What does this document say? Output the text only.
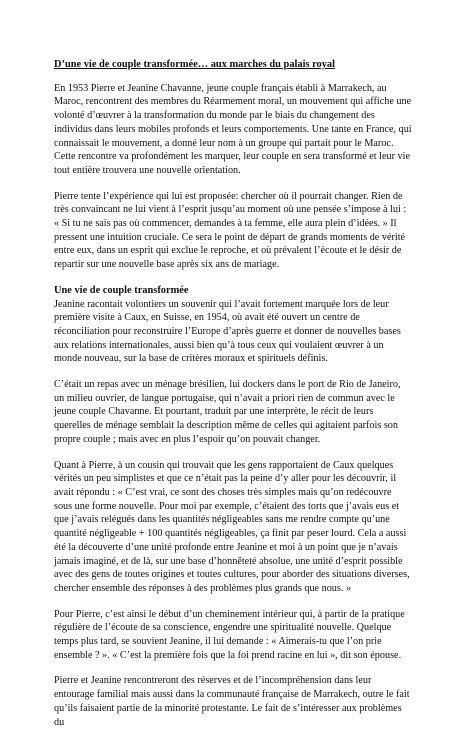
D’une vie de couple transformée… aux marches du palais royal

En 1953 Pierre et Jeanine Chavanne, jeune couple français établi à Marrakech, au Maroc, rencontrent des membres du Réarmement moral, un mouvement qui affiche une volonté d’œuvrer à la transformation du monde par le biais du changement des individus dans leurs mobiles profonds et leurs comportements. Une tante en France, qui connaissait le mouvement, a donné leur nom à un groupe qui partait pour le Maroc. Cette rencontre va profondément les marquer, leur couple en sera transformé et leur vie tout entière trouvera une nouvelle orientation.

Pierre tente l’expérience qui lui est proposée: chercher où il pourrait changer. Rien de très convaincant ne lui vient à l’esprit jusqu’au moment où une pensée s’impose à lui : « Si tu ne sais pas où commencer, demandes à ta femme, elle aura plein d’idées. » Il pressent une intuition cruciale. Ce sera le point de départ de grands moments de vérité entre eux, dans un esprit qui exclue le reproche, et où prévalent l’écoute et le désir de repartir sur une nouvelle base après six ans de mariage.

Une vie de couple transformée

Jeanine racontait volontiers un souvenir qui l’avait fortement marquée lors de leur première visite à Caux, en Suisse, en 1954, où avait été ouvert un centre de réconciliation pour reconstruire l’Europe d’après guerre et donner de nouvelles bases aux relations internationales, aussi bien qu’à tous ceux qui voulaient œuvrer à un monde nouveau, sur la base de critères moraux et spirituels définis.

C’était un repas avec un ménage brésilien, lui dockers dans le port de Rio de Janeiro, un milieu ouvrier, de langue portugaise, qui n’avait a priori rien de commun avec le jeune couple Chavanne. Et pourtant, traduit par une interprète, le récit de leurs querelles de ménage semblait la description même de celles qui agitaient parfois son propre couple ; mais avec en plus l’espoir qu’on pouvait changer.

Quant à Pierre, à un cousin qui trouvait que les gens rapportaient de Caux quelques vérités un peu simplistes et que ce n’était pas la peine d’y aller pour les découvrir, il avait répondu : « C’est vrai, ce sont des choses très simples mais qu’on redécouvre sous une forme nouvelle. Pour moi par exemple, c’étaient des torts que j’avais eus et que j’avais relégués dans les quantités négligeables sans me rendre compte qu’une quantité négligeable + 100 quantités négligeables, ça finit par peser lourd. Cela a aussi été la découverte d’une unité profonde entre Jeanine et moi à un point que je n’avais jamais imaginé, et de là, sur une base d’honnêteté absolue, une unité d’esprit possible avec des gens de toutes origines et toutes cultures, pour aborder des situations diverses, chercher ensemble des réponses à des problèmes plus grands que nous. »

Pour Pierre, c’est ainsi le début d’un cheminement intérieur qui, à partir de la pratique régulière de l’écoute de sa conscience, engendre une spiritualité nouvelle. Quelque temps plus tard, se souvient Jeanine, il lui demande : « Aimerais-tu que l’on prie ensemble ? ». « C’est la première fois que la foi prend racine en lui », dit son épouse.

Pierre et Jeanine rencontreront des réserves et de l’incompréhension dans leur entourage familial mais aussi dans la communauté française de Marrakech, outre le fait qu’ils faisaient partie de la minorité protestante. Le fait de s’intéresser aux problèmes du
